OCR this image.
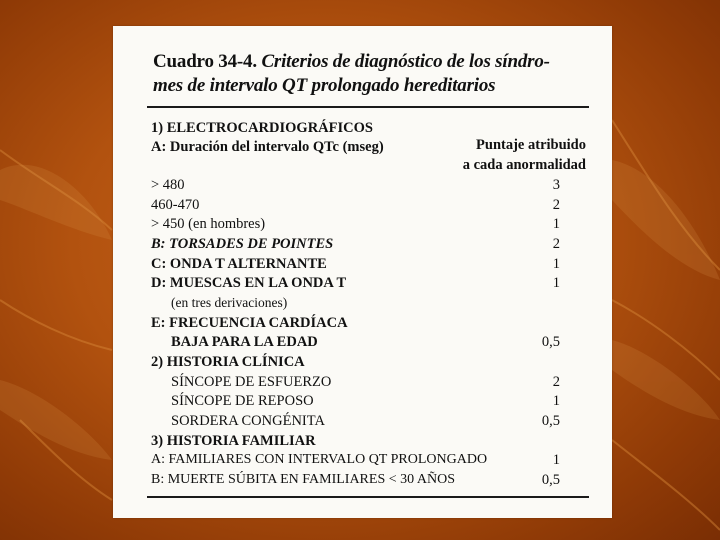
Cuadro 34-4. Criterios de diagnóstico de los síndro-
mes de intervalo QT prolongado hereditarios
Puntaje atribuido
a cada anormalidad
1) ELECTROCARDIOGRÁFICOS
A: Duración del intervalo QTc (mseg)
> 480	3
460-470	2
> 450 (en hombres)	1
B: TORSADES DE POINTES	2
C: ONDA T ALTERNANTE	1
D: MUESCAS EN LA ONDA T	1
(en tres derivaciones)
E: FRECUENCIA CARDÍACA
BAJA PARA LA EDAD	0,5
2) HISTORIA CLÍNICA
SÍNCOPE DE ESFUERZO	2
SÍNCOPE DE REPOSO	1
SORDERA CONGÉNITA	0,5
3) HISTORIA FAMILIAR
A: FAMILIARES CON INTERVALO QT PROLONGADO	1
B: MUERTE SÚBITA EN FAMILIARES < 30 AÑOS	0,5
